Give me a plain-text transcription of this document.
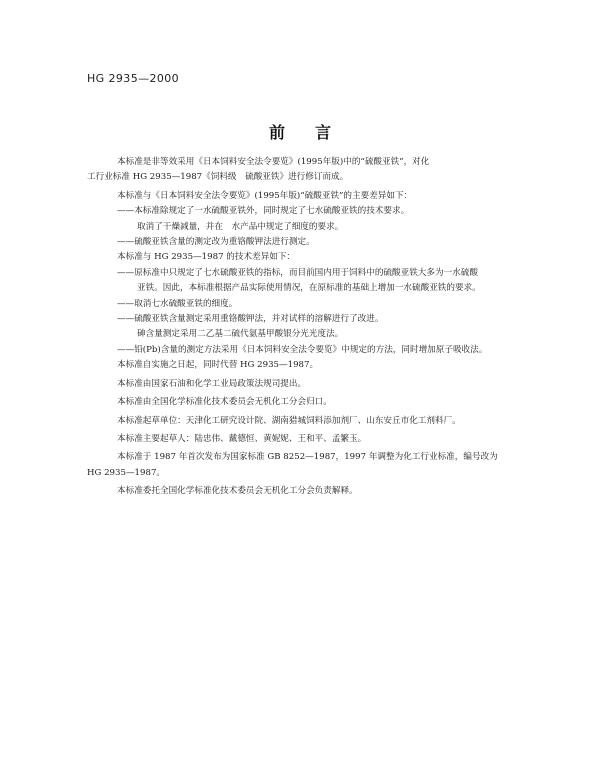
HG 2935—2000
前言
本标准是非等效采用《日本饲料安全法令要览》(1995年版)中的“硫酸亚铁”，对化
工行业标准 HG 2935—1987《饲料级　硫酸亚铁》进行修订而成。
本标准与《日本饲料安全法令要览》(1995年版)“硫酸亚铁”的主要差异如下：
——本标准除规定了一水硫酸亚铁外，同时规定了七水硫酸亚铁的技术要求。
取消了干燥减量，并在　水产品中规定了细度的要求。
——硫酸亚铁含量的测定改为重铬酸钾法进行测定。
本标准与 HG 2935—1987 的技术差异如下：
——原标准中只规定了七水硫酸亚铁的指标，而目前国内用于饲料中的硫酸亚铁大多为一水硫酸
亚铁。因此，本标准根据产品实际使用情况，在原标准的基础上增加一水硫酸亚铁的要求。
——取消七水硫酸亚铁的细度。
——硫酸亚铁含量测定采用重铬酸钾法，并对试样的溶解进行了改进。
砷含量测定采用二乙基二硫代氨基甲酸银分光光度法。
——铅(Pb)含量的测定方法采用《日本饲料安全法令要览》中规定的方法，同时增加原子吸收法。
本标准自实施之日起，同时代替 HG 2935—1987。
本标准由国家石油和化学工业局政策法规司提出。
本标准由全国化学标准化技术委员会无机化工分会归口。
本标准起草单位：天津化工研究设计院、湖南猎城饲料添加剂厂、山东安丘市化工剂料厂。
本标准主要起草人：陆忠伟、戴德恒、黄妮妮、王和平、孟繁玉。
本标准于 1987 年首次发布为国家标准 GB 8252—1987，1997 年调整为化工行业标准，编号改为
HG 2935—1987。
本标准委托全国化学标准化技术委员会无机化工分会负责解释。
